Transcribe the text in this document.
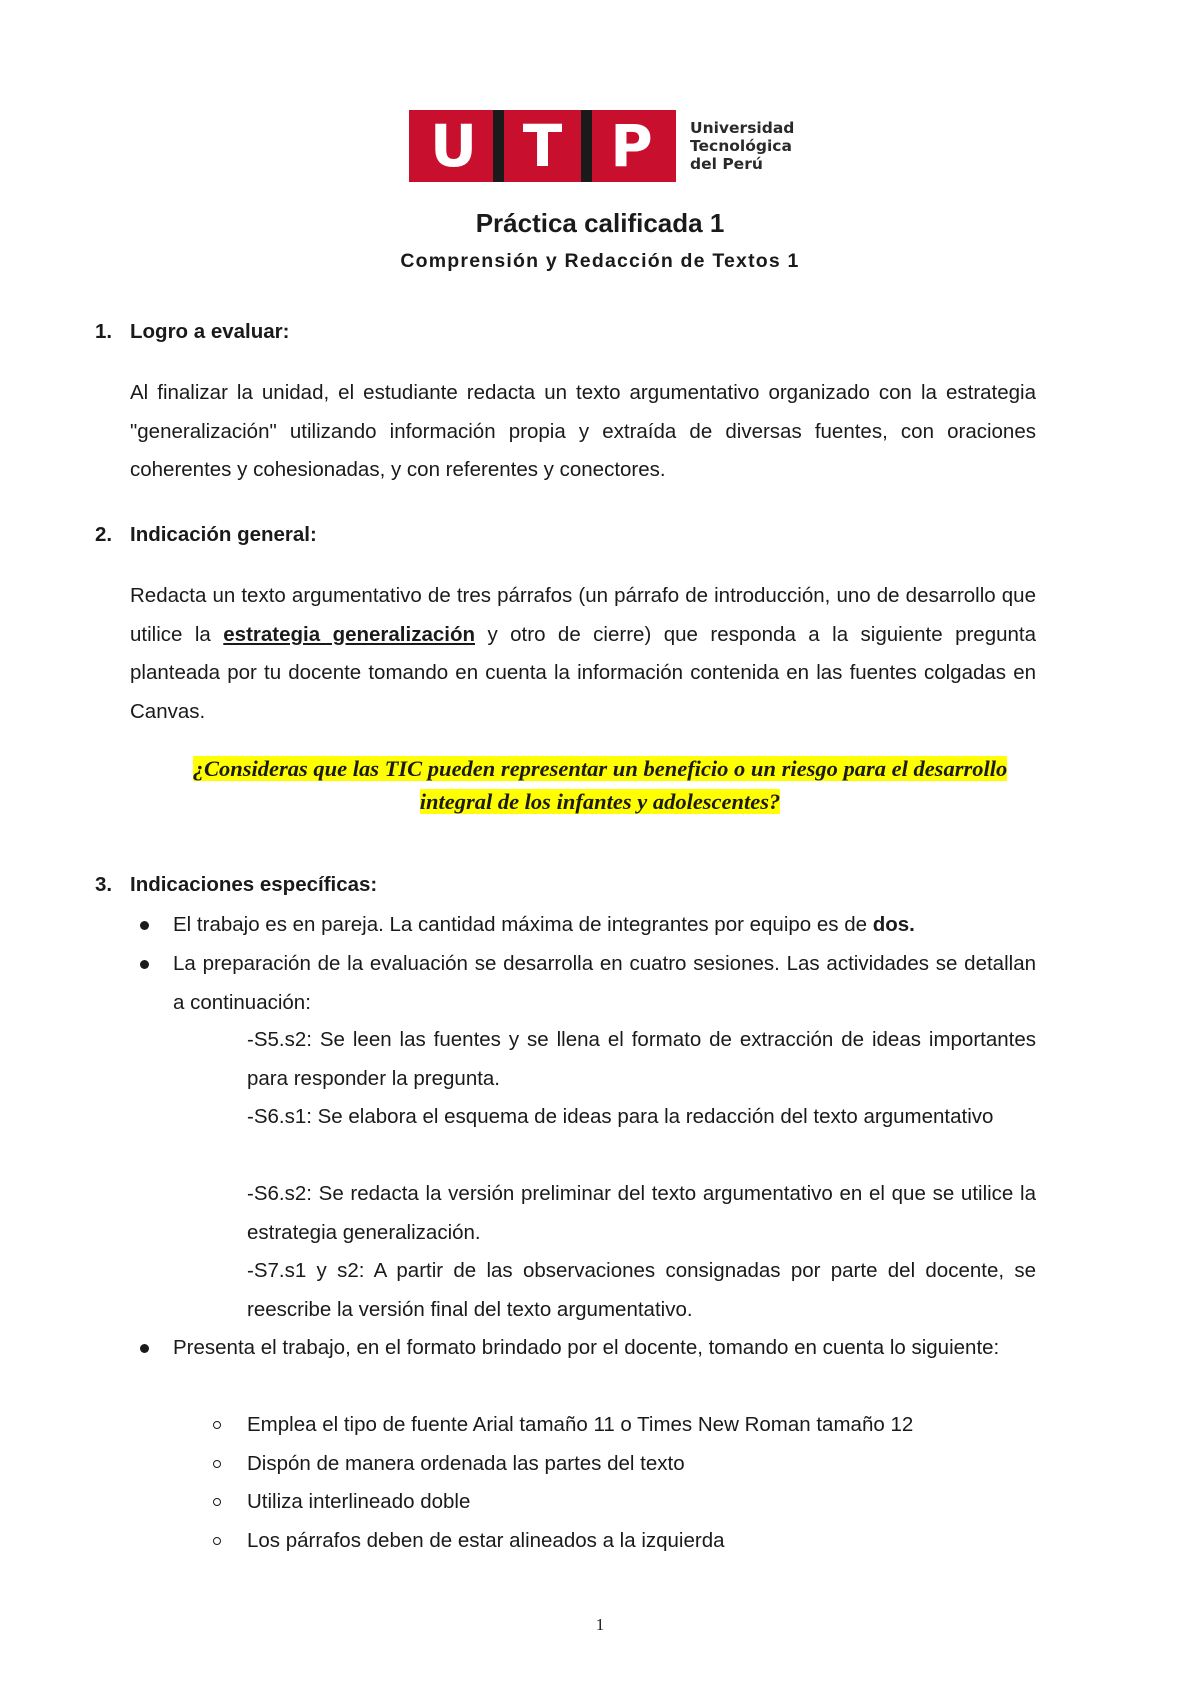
U T P	Universidad
Tecnológica
del Perú
Práctica calificada 1
Comprensión y Redacción de Textos 1
1. Logro a evaluar:
Al finalizar la unidad, el estudiante redacta un texto argumentativo organizado con la estrategia "generalización" utilizando información propia y extraída de diversas fuentes, con oraciones coherentes y cohesionadas, y con referentes y conectores.
2. Indicación general:
Redacta un texto argumentativo de tres párrafos (un párrafo de introducción, uno de desarrollo que utilice la estrategia generalización y otro de cierre) que responda a la siguiente pregunta planteada por tu docente tomando en cuenta la información contenida en las fuentes colgadas en Canvas.
¿Consideras que las TIC pueden representar un beneficio o un riesgo para el desarrollo
integral de los infantes y adolescentes?
3. Indicaciones específicas:
El trabajo es en pareja. La cantidad máxima de integrantes por equipo es de dos.
La preparación de la evaluación se desarrolla en cuatro sesiones. Las actividades se detallan a continuación:
-S5.s2: Se leen las fuentes y se llena el formato de extracción de ideas importantes para responder la pregunta.
-S6.s1: Se elabora el esquema de ideas para la redacción del texto argumentativo
-S6.s2: Se redacta la versión preliminar del texto argumentativo en el que se utilice la estrategia generalización.
-S7.s1 y s2: A partir de las observaciones consignadas por parte del docente, se reescribe la versión final del texto argumentativo.
Presenta el trabajo, en el formato brindado por el docente, tomando en cuenta lo siguiente:
Emplea el tipo de fuente Arial tamaño 11 o Times New Roman tamaño 12
Dispón de manera ordenada las partes del texto
Utiliza interlineado doble
Los párrafos deben de estar alineados a la izquierda
1
